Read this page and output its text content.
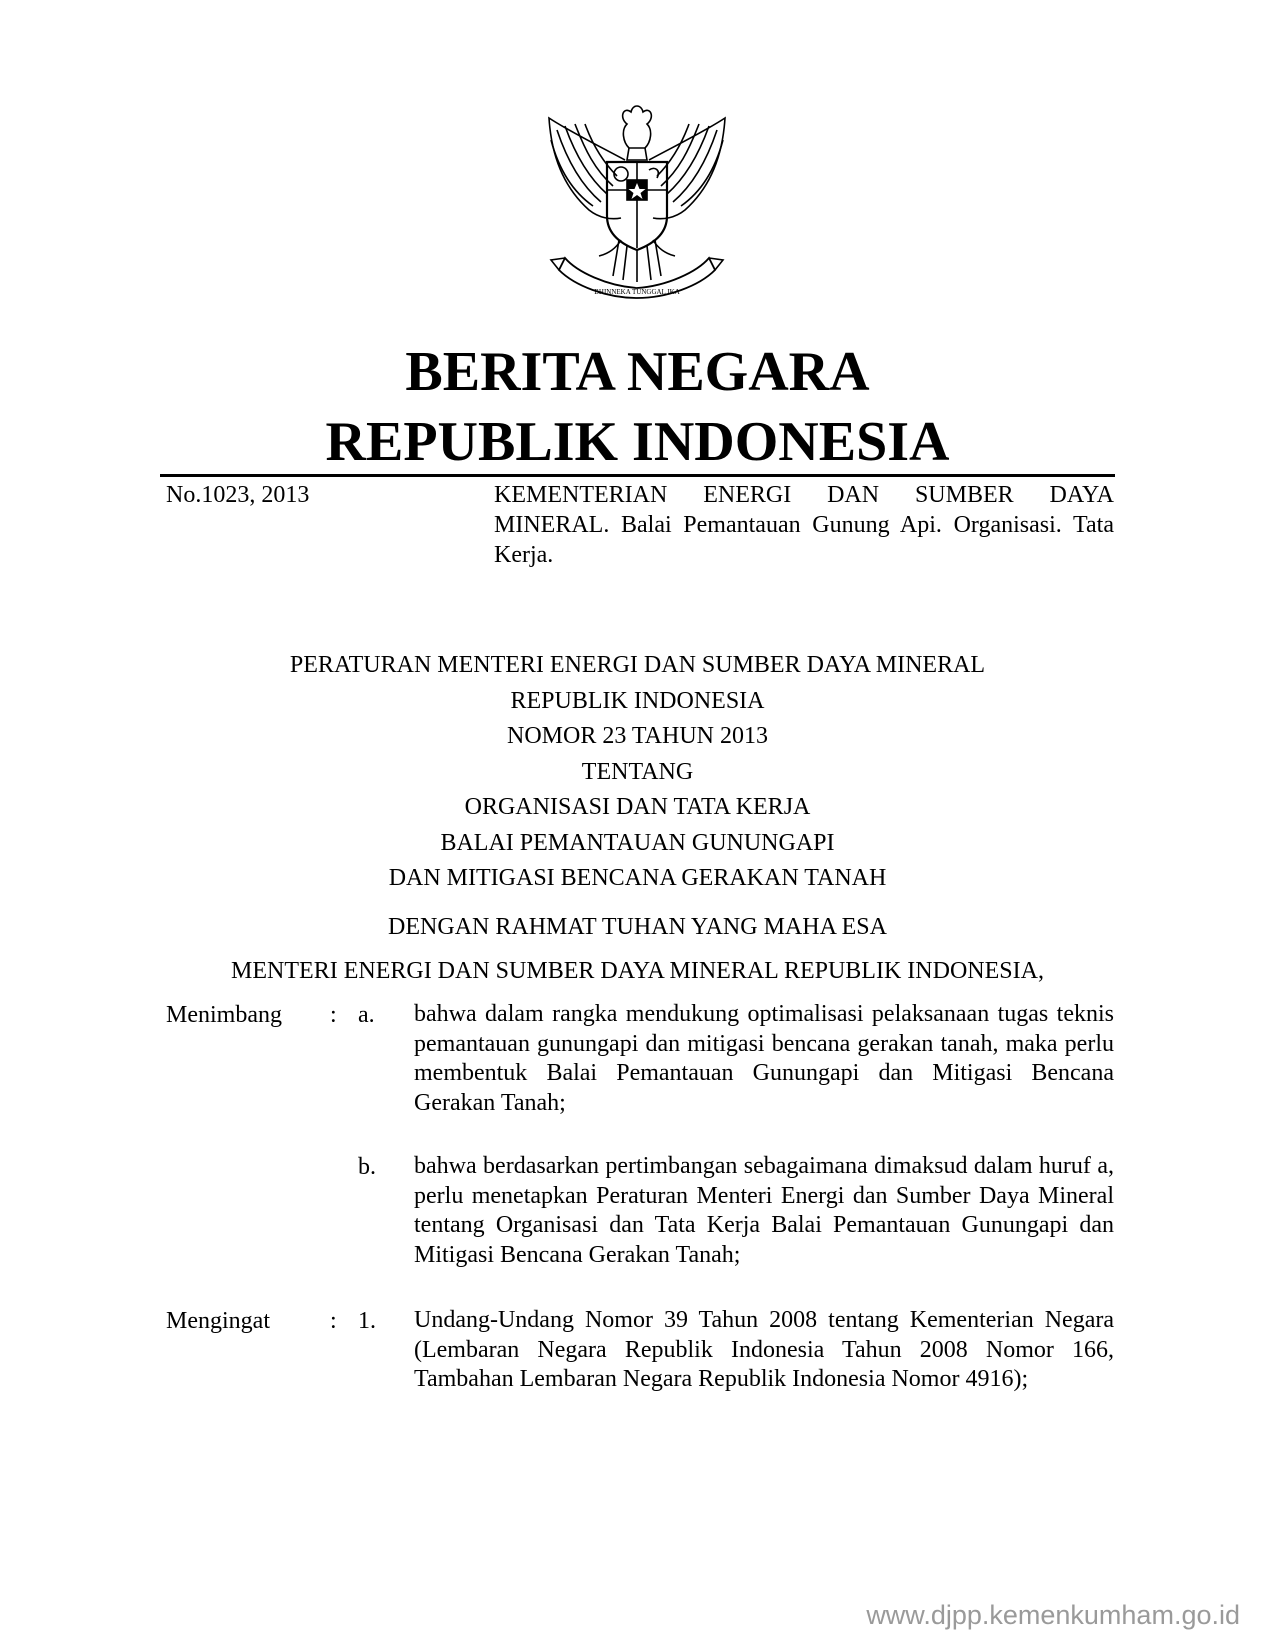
BHINNEKA TUNGGAL IKA
BERITA NEGARA
REPUBLIK INDONESIA
No.1023, 2013	KEMENTERIAN ENERGI DAN SUMBER DAYA MINERAL. Balai Pemantauan Gunung Api. Organisasi. Tata Kerja.
PERATURAN MENTERI ENERGI DAN SUMBER DAYA MINERAL
REPUBLIK INDONESIA
NOMOR 23 TAHUN 2013
TENTANG
ORGANISASI DAN TATA KERJA
BALAI PEMANTAUAN GUNUNGAPI
DAN MITIGASI BENCANA GERAKAN TANAH
DENGAN RAHMAT TUHAN YANG MAHA ESA
MENTERI ENERGI DAN SUMBER DAYA MINERAL REPUBLIK INDONESIA,
Menimbang : a. bahwa dalam rangka mendukung optimalisasi pelaksanaan tugas teknis pemantauan gunungapi dan mitigasi bencana gerakan tanah, maka perlu membentuk Balai Pemantauan Gunungapi dan Mitigasi Bencana Gerakan Tanah;
b. bahwa berdasarkan pertimbangan sebagaimana dimaksud dalam huruf a, perlu menetapkan Peraturan Menteri Energi dan Sumber Daya Mineral tentang Organisasi dan Tata Kerja Balai Pemantauan Gunungapi dan Mitigasi Bencana Gerakan Tanah;
Mengingat	: 1. Undang-Undang Nomor 39 Tahun 2008 tentang Kementerian Negara (Lembaran Negara Republik Indonesia Tahun 2008 Nomor 166, Tambahan Lembaran Negara Republik Indonesia Nomor 4916);
www.djpp.kemenkumham.go.id
